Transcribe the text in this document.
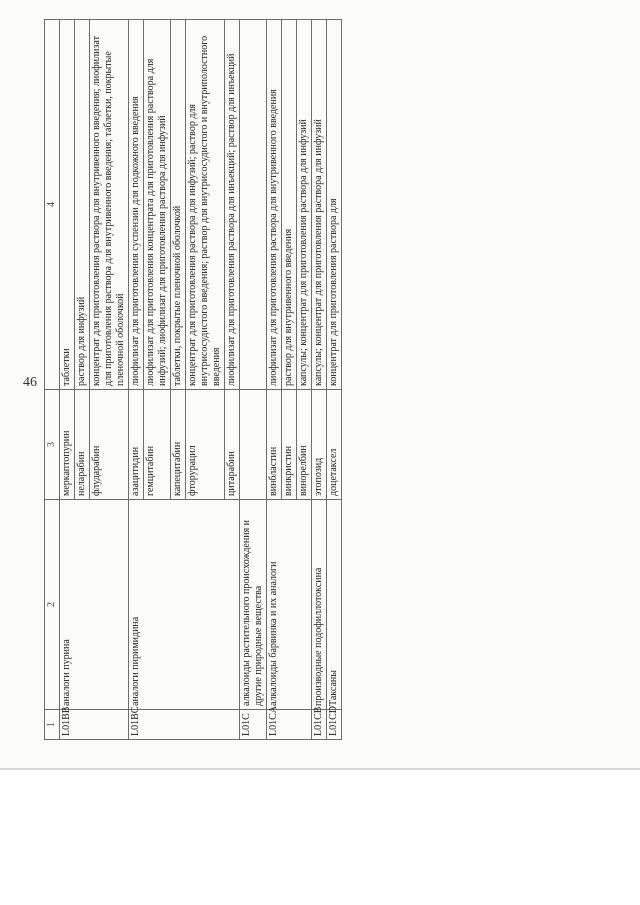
46
1	2	3	4
L01BB	аналоги пурина	меркаптопурин	таблетки
		неларабин	раствор для инфузий
		флударабин	концентрат для приготовления раствора для внутривенного введения; лиофилизат для приготовления раствора для внутривенного введения; таблетки, покрытые пленочной оболочкой
L01BC	аналоги пиримидина	азацитидин	лиофилизат для приготовления суспензии для подкожного введения
		гемцитабин	лиофилизат для приготовления концентрата для приготовления раствора для инфузий; лиофилизат для приготовления раствора для инфузий
		капецитабин	таблетки, покрытые пленочной оболочкой
		фторурацил	концентрат для приготовления раствора для инфузий; раствор для внутрисосудистого введения; раствор для внутрисосудистого и внутриполостного введения
		цитарабин	лиофилизат для приготовления раствора для инъекций; раствор для инъекций
L01C	алкалоиды растительного происхождения и другие природные вещества		
L01CA	алкалоиды барвинка и их аналоги	винбластин	лиофилизат для приготовления раствора для внутривенного введения
		винкристин	раствор для внутривенного введения
		винорелбин	капсулы; концентрат для приготовления раствора для инфузий
L01CB	производные подофиллотоксина	этопозид	капсулы; концентрат для приготовления раствора для инфузий
L01CD	Таксаны	доцетаксел	концентрат для приготовления раствора для
